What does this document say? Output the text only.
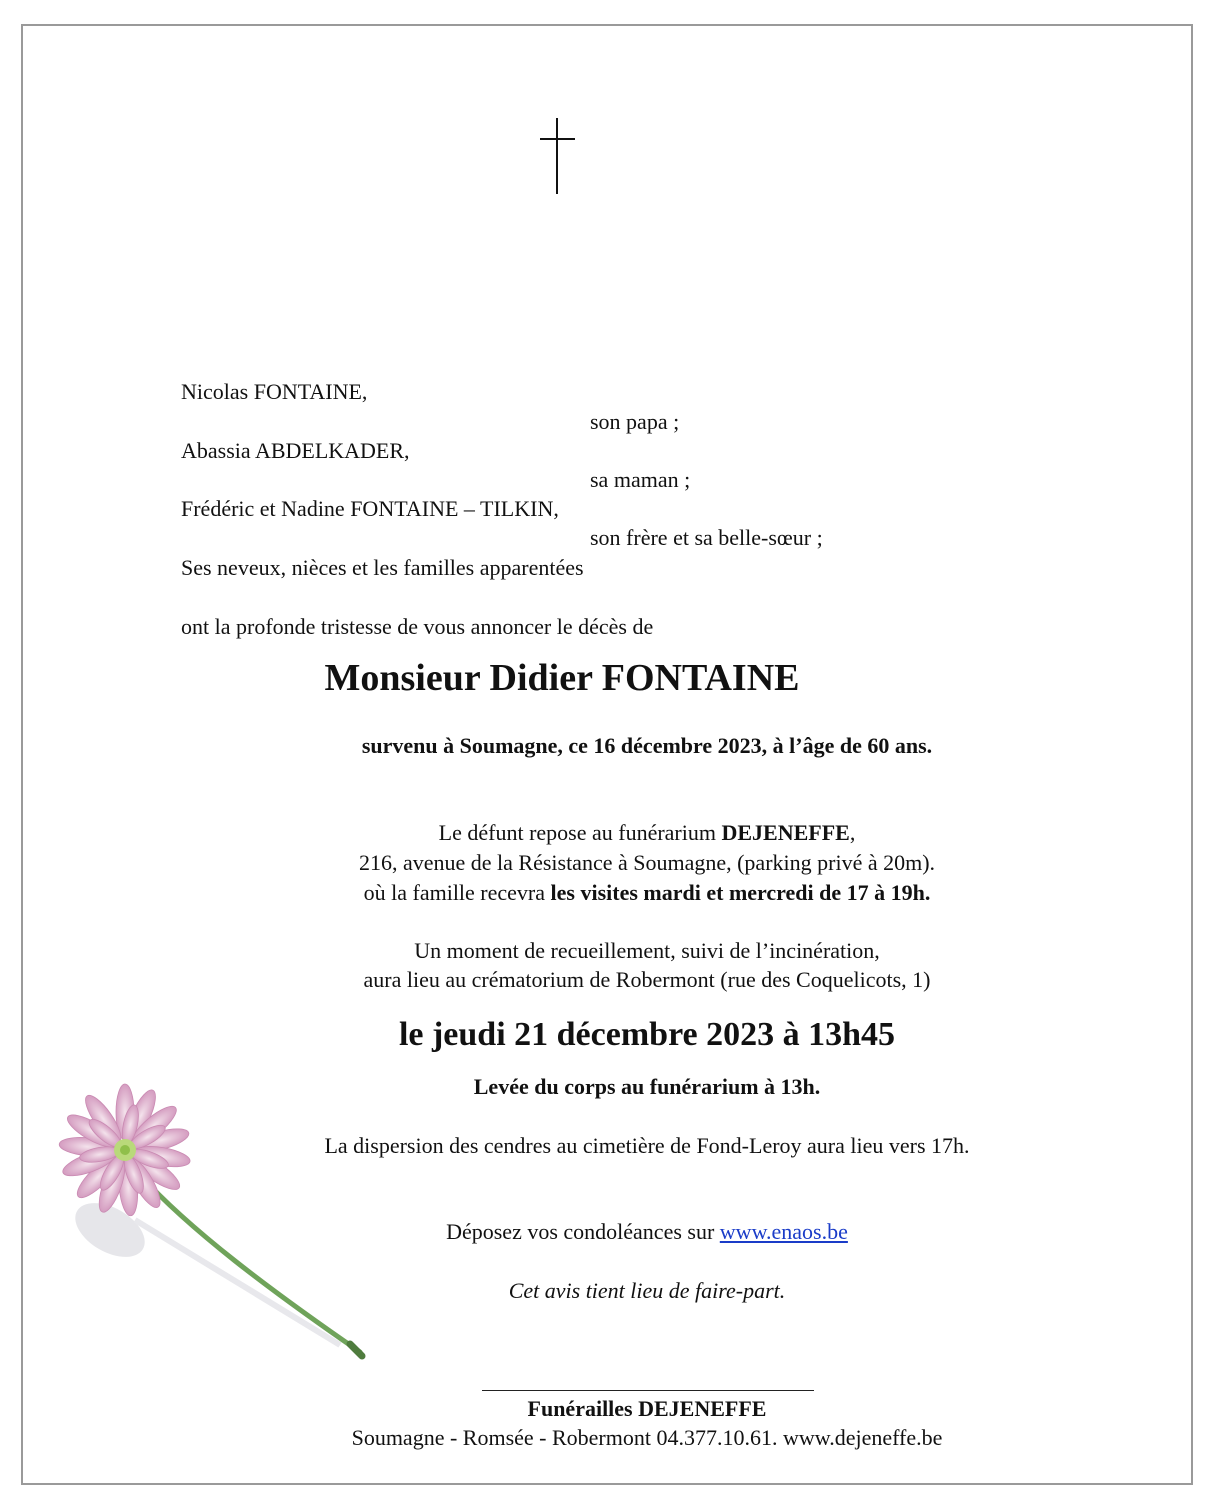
Nicolas FONTAINE,
son papa ;
Abassia ABDELKADER,
sa maman ;
Frédéric et Nadine FONTAINE – TILKIN,
son frère et sa belle-sœur ;
Ses neveux, nièces et les familles apparentées
ont la profonde tristesse de vous annoncer le décès de
Monsieur Didier FONTAINE
survenu à Soumagne, ce 16 décembre 2023, à l’âge de 60 ans.
Le défunt repose au funérarium DEJENEFFE,
216, avenue de la Résistance à Soumagne, (parking privé à 20m).
où la famille recevra les visites mardi et mercredi de 17 à 19h.
Un moment de recueillement, suivi de l’incinération,
aura lieu au crématorium de Robermont (rue des Coquelicots, 1)
le jeudi 21 décembre 2023 à 13h45
Levée du corps au funérarium à 13h.
La dispersion des cendres au cimetière de Fond-Leroy aura lieu vers 17h.
Déposez vos condoléances sur www.enaos.be
Cet avis tient lieu de faire-part.
Funérailles DEJENEFFE
Soumagne - Romsée - Robermont 04.377.10.61. www.dejeneffe.be
